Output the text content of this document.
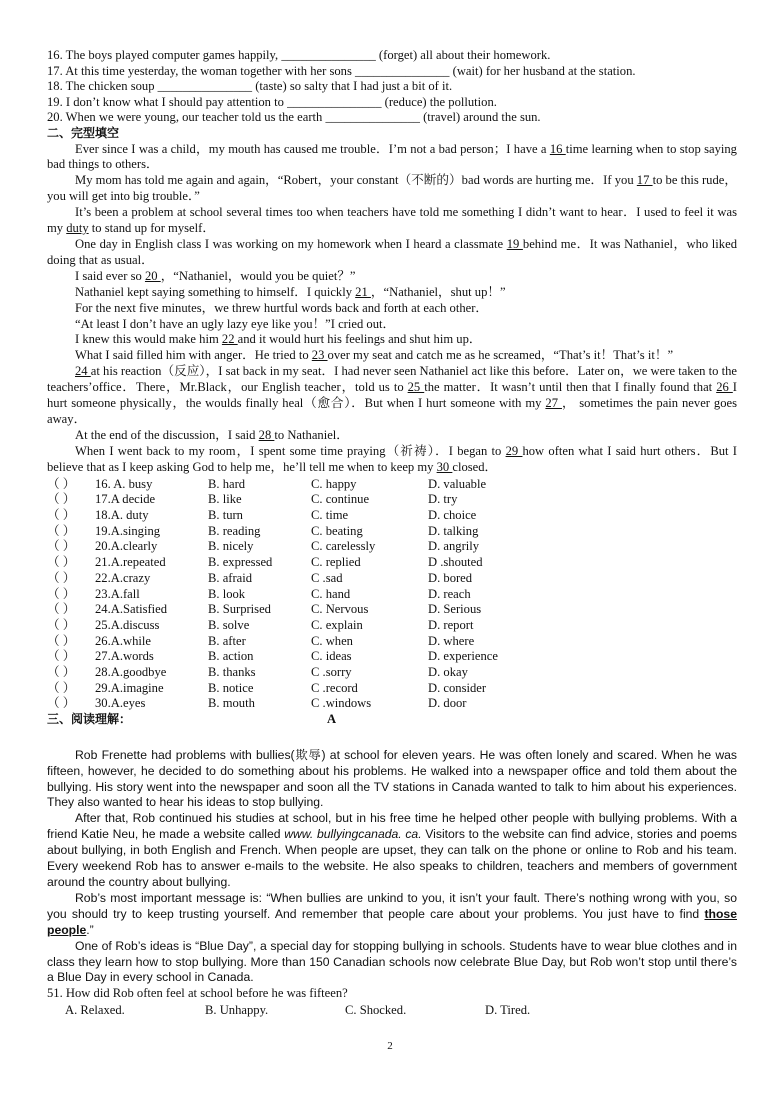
16. The boys played computer games happily, _______________ (forget) all about their homework.
17. At this time yesterday, the woman together with her sons _______________ (wait) for her husband at the station.
18. The chicken soup _______________ (taste) so salty that I had just a bit of it.
19. I don’t know what I should pay attention to _______________ (reduce) the pollution.
20. When we were young, our teacher told us the earth _______________ (travel) around the sun.
二、完型填空
Ever since I was a child，my mouth has caused me trouble．I’m not a bad person；I have a 16 time learning when to stop saying bad things to others．
My mom has told me again and again，“Robert，your constant（不断的）bad words are hurting me．If you 17 to be this rude，you will get into big trouble．”
It’s been a problem at school several times too when teachers have told me something I didn’t want to hear．I used to feel it was my duty to stand up for myself．
One day in English class I was working on my homework when I heard a classmate 19 behind me．It was Nathaniel，who liked doing that as usual．
I said ever so 20 ，“Nathaniel，would you be quiet？”
Nathaniel kept saying something to himself．I quickly 21 ，“Nathaniel，shut up！”
For the next five minutes，we threw hurtful words back and forth at each other．
“At least I don’t have an ugly lazy eye like you！”I cried out．
I knew this would make him 22 and it would hurt his feelings and shut him up．
What I said filled him with anger．He tried to 23 over my seat and catch me as he screamed，“That’s it！That’s it！”
24 at his reaction（反应），I sat back in my seat．I had never seen Nathaniel act like this before．Later on，we were taken to the teachers’office．There，Mr.Black，our English teacher，told us to 25 the matter．It wasn’t until then that I finally found that 26 I hurt someone physically，the woulds finally heal（愈合）．But when I hurt someone with my 27 ， sometimes the pain never goes away．
At the end of the discussion，I said 28 to Nathaniel．
When I went back to my room，I spent some time praying（祈祷）．I began to 29 how often what I said hurt others．But I believe that as I keep asking God to help me，he’ll tell me when to keep my 30 closed．
（ ）	16. A. busy	B. hard	C. happy	D. valuable
（ ）	17.A decide	B. like	C. continue	D. try
（ ）	18.A. duty	B. turn	C. time	D. choice
（ ）	19.A.singing	B. reading	C. beating	D. talking
（ ）	20.A.clearly	B. nicely	C. carelessly	D. angrily
（ ）	21.A.repeated	B. expressed	C. replied	D .shouted
（ ）	22.A.crazy	B. afraid	C .sad	D. bored
（ ）	23.A.fall	B. look	C. hand	D. reach
（ ）	24.A.Satisfied	B. Surprised	C. Nervous	D. Serious
（ ）	25.A.discuss	B. solve	C. explain	D. report
（ ）	26.A.while	B. after	C. when	D. where
（ ）	27.A.words	B. action	C. ideas	D. experience
（ ）	28.A.goodbye	B. thanks	C .sorry	D. okay
（ ）	29.A.imagine	B. notice	C .record	D. consider
（ ）	30.A.eyes	B. mouth	C .windows	D. door
三、阅读理解：	A
Rob Frenette had problems with bullies(欺辱) at school for eleven years. He was often lonely and scared. When he was fifteen, however, he decided to do something about his problems. He walked into a newspaper office and told them about the bullying. His story went into the newspaper and soon all the TV stations in Canada wanted to talk to him about his experiences. They also wanted to hear his ideas to stop bullying.
After that, Rob continued his studies at school, but in his free time he helped other people with bullying problems. With a friend Katie Neu, he made a website called www. bullyingcanada. ca. Visitors to the website can find advice, stories and poems about bullying, in both English and French. When people are upset, they can talk on the phone or online to Rob and his team. Every weekend Rob has to answer e-mails to the website. He also speaks to children, teachers and members of government around the country about bullying.
Rob’s most important message is: “When bullies are unkind to you, it isn’t your fault. There’s nothing wrong with you, so you should try to keep trusting yourself. And remember that people care about your problems. You just have to find those people.”
One of Rob’s ideas is “Blue Day”, a special day for stopping bullying in schools. Students have to wear blue clothes and in class they learn how to stop bullying. More than 150 Canadian schools now celebrate Blue Day, but Rob won’t stop until there’s a Blue Day in every school in Canada.
51. How did Rob often feel at school before he was fifteen?
A. Relaxed.	B. Unhappy.	C. Shocked.	D. Tired.
2
